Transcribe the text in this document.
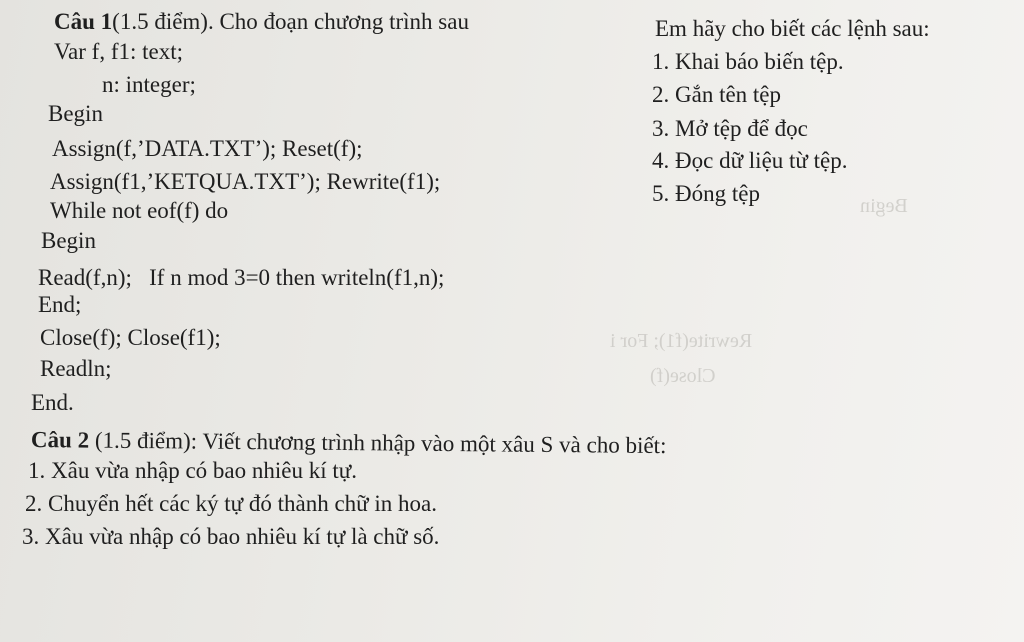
Rewrite(f1); For i
Close(f)
Begin
Câu 1(1.5 điểm). Cho đoạn chương trình sau
Var f, f1: text;
n: integer;
Begin
Assign(f,’DATA.TXT’); Reset(f);
Assign(f1,’KETQUA.TXT’); Rewrite(f1);
While not eof(f) do
Begin
Read(f,n);   If n mod 3=0 then writeln(f1,n);
End;
Close(f); Close(f1);
Readln;
End.
Em hãy cho biết các lệnh sau:
1. Khai báo biến tệp.
2. Gắn tên tệp
3. Mở tệp để đọc
4. Đọc dữ liệu từ tệp.
5. Đóng tệp
Câu 2 (1.5 điểm): Viết chương trình nhập vào một xâu S và cho biết:
1. Xâu vừa nhập có bao nhiêu kí tự.
2. Chuyển hết các ký tự đó thành chữ in hoa.
3. Xâu vừa nhập có bao nhiêu kí tự là chữ số.
